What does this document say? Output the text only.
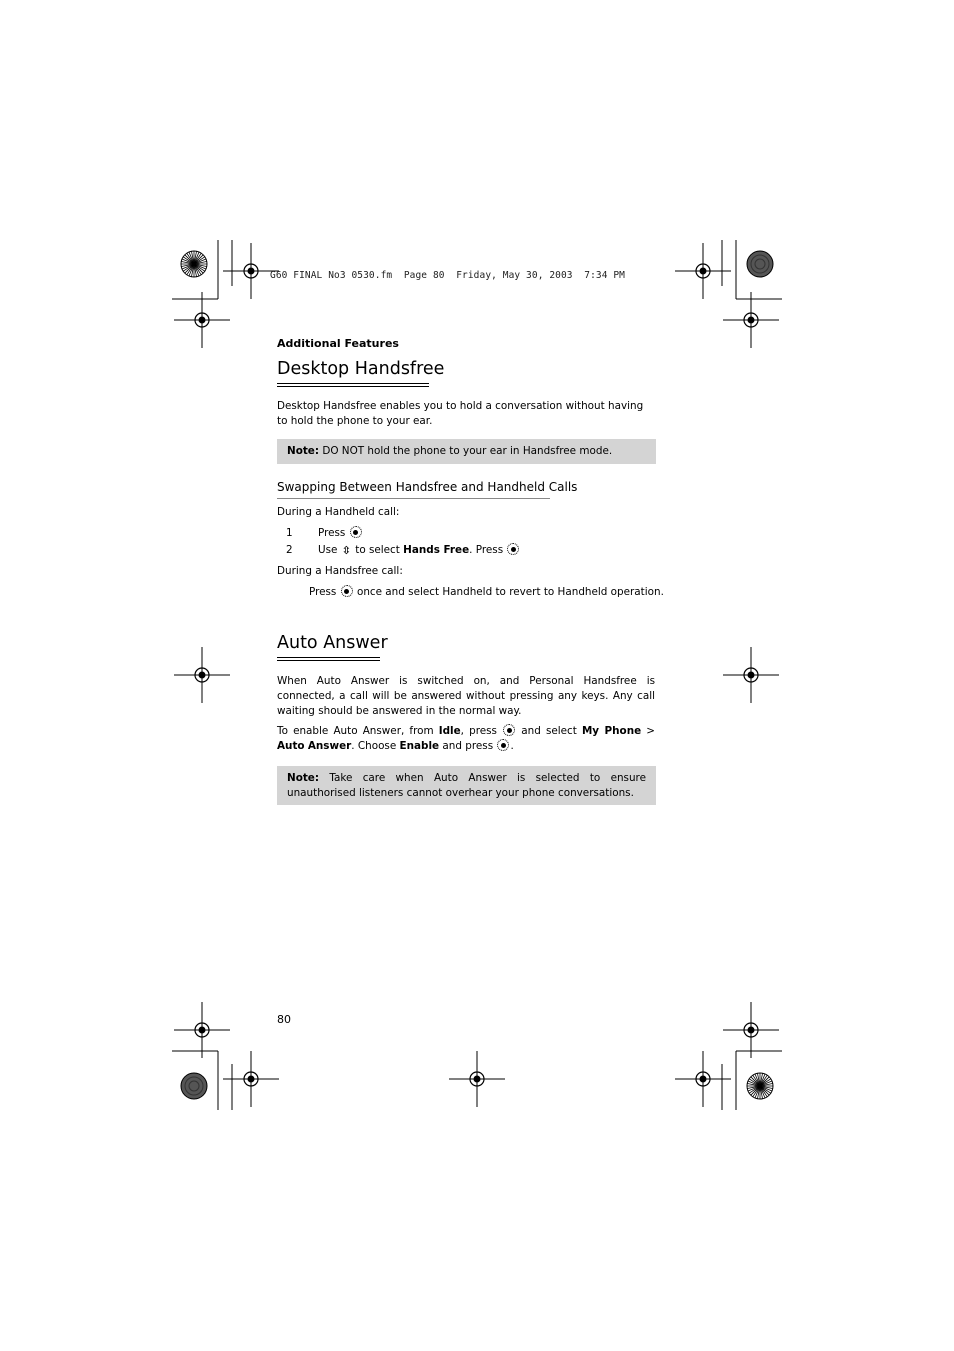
G60 FINAL No3 0530.fm  Page 80  Friday, May 30, 2003  7:34 PM
Additional Features
Desktop Handsfree
Desktop Handsfree enables you to hold a conversation without having to hold the phone to your ear.
Note: DO NOT hold the phone to your ear in Handsfree mode.
Swapping Between Handsfree and Handheld Calls
During a Handheld call:
1 Press
2 Use ⇳ to select Hands Free. Press
During a Handsfree call:
Press  once and select Handheld to revert to Handheld operation.
Auto Answer
When Auto Answer is switched on, and Personal Handsfree is connected, a call will be answered without pressing any keys. Any call waiting should be answered in the normal way.
To enable Auto Answer, from Idle, press  and select My Phone > Auto Answer. Choose Enable and press .
Note: Take care when Auto Answer is selected to ensure unauthorised listeners cannot overhear your phone conversations.
80
